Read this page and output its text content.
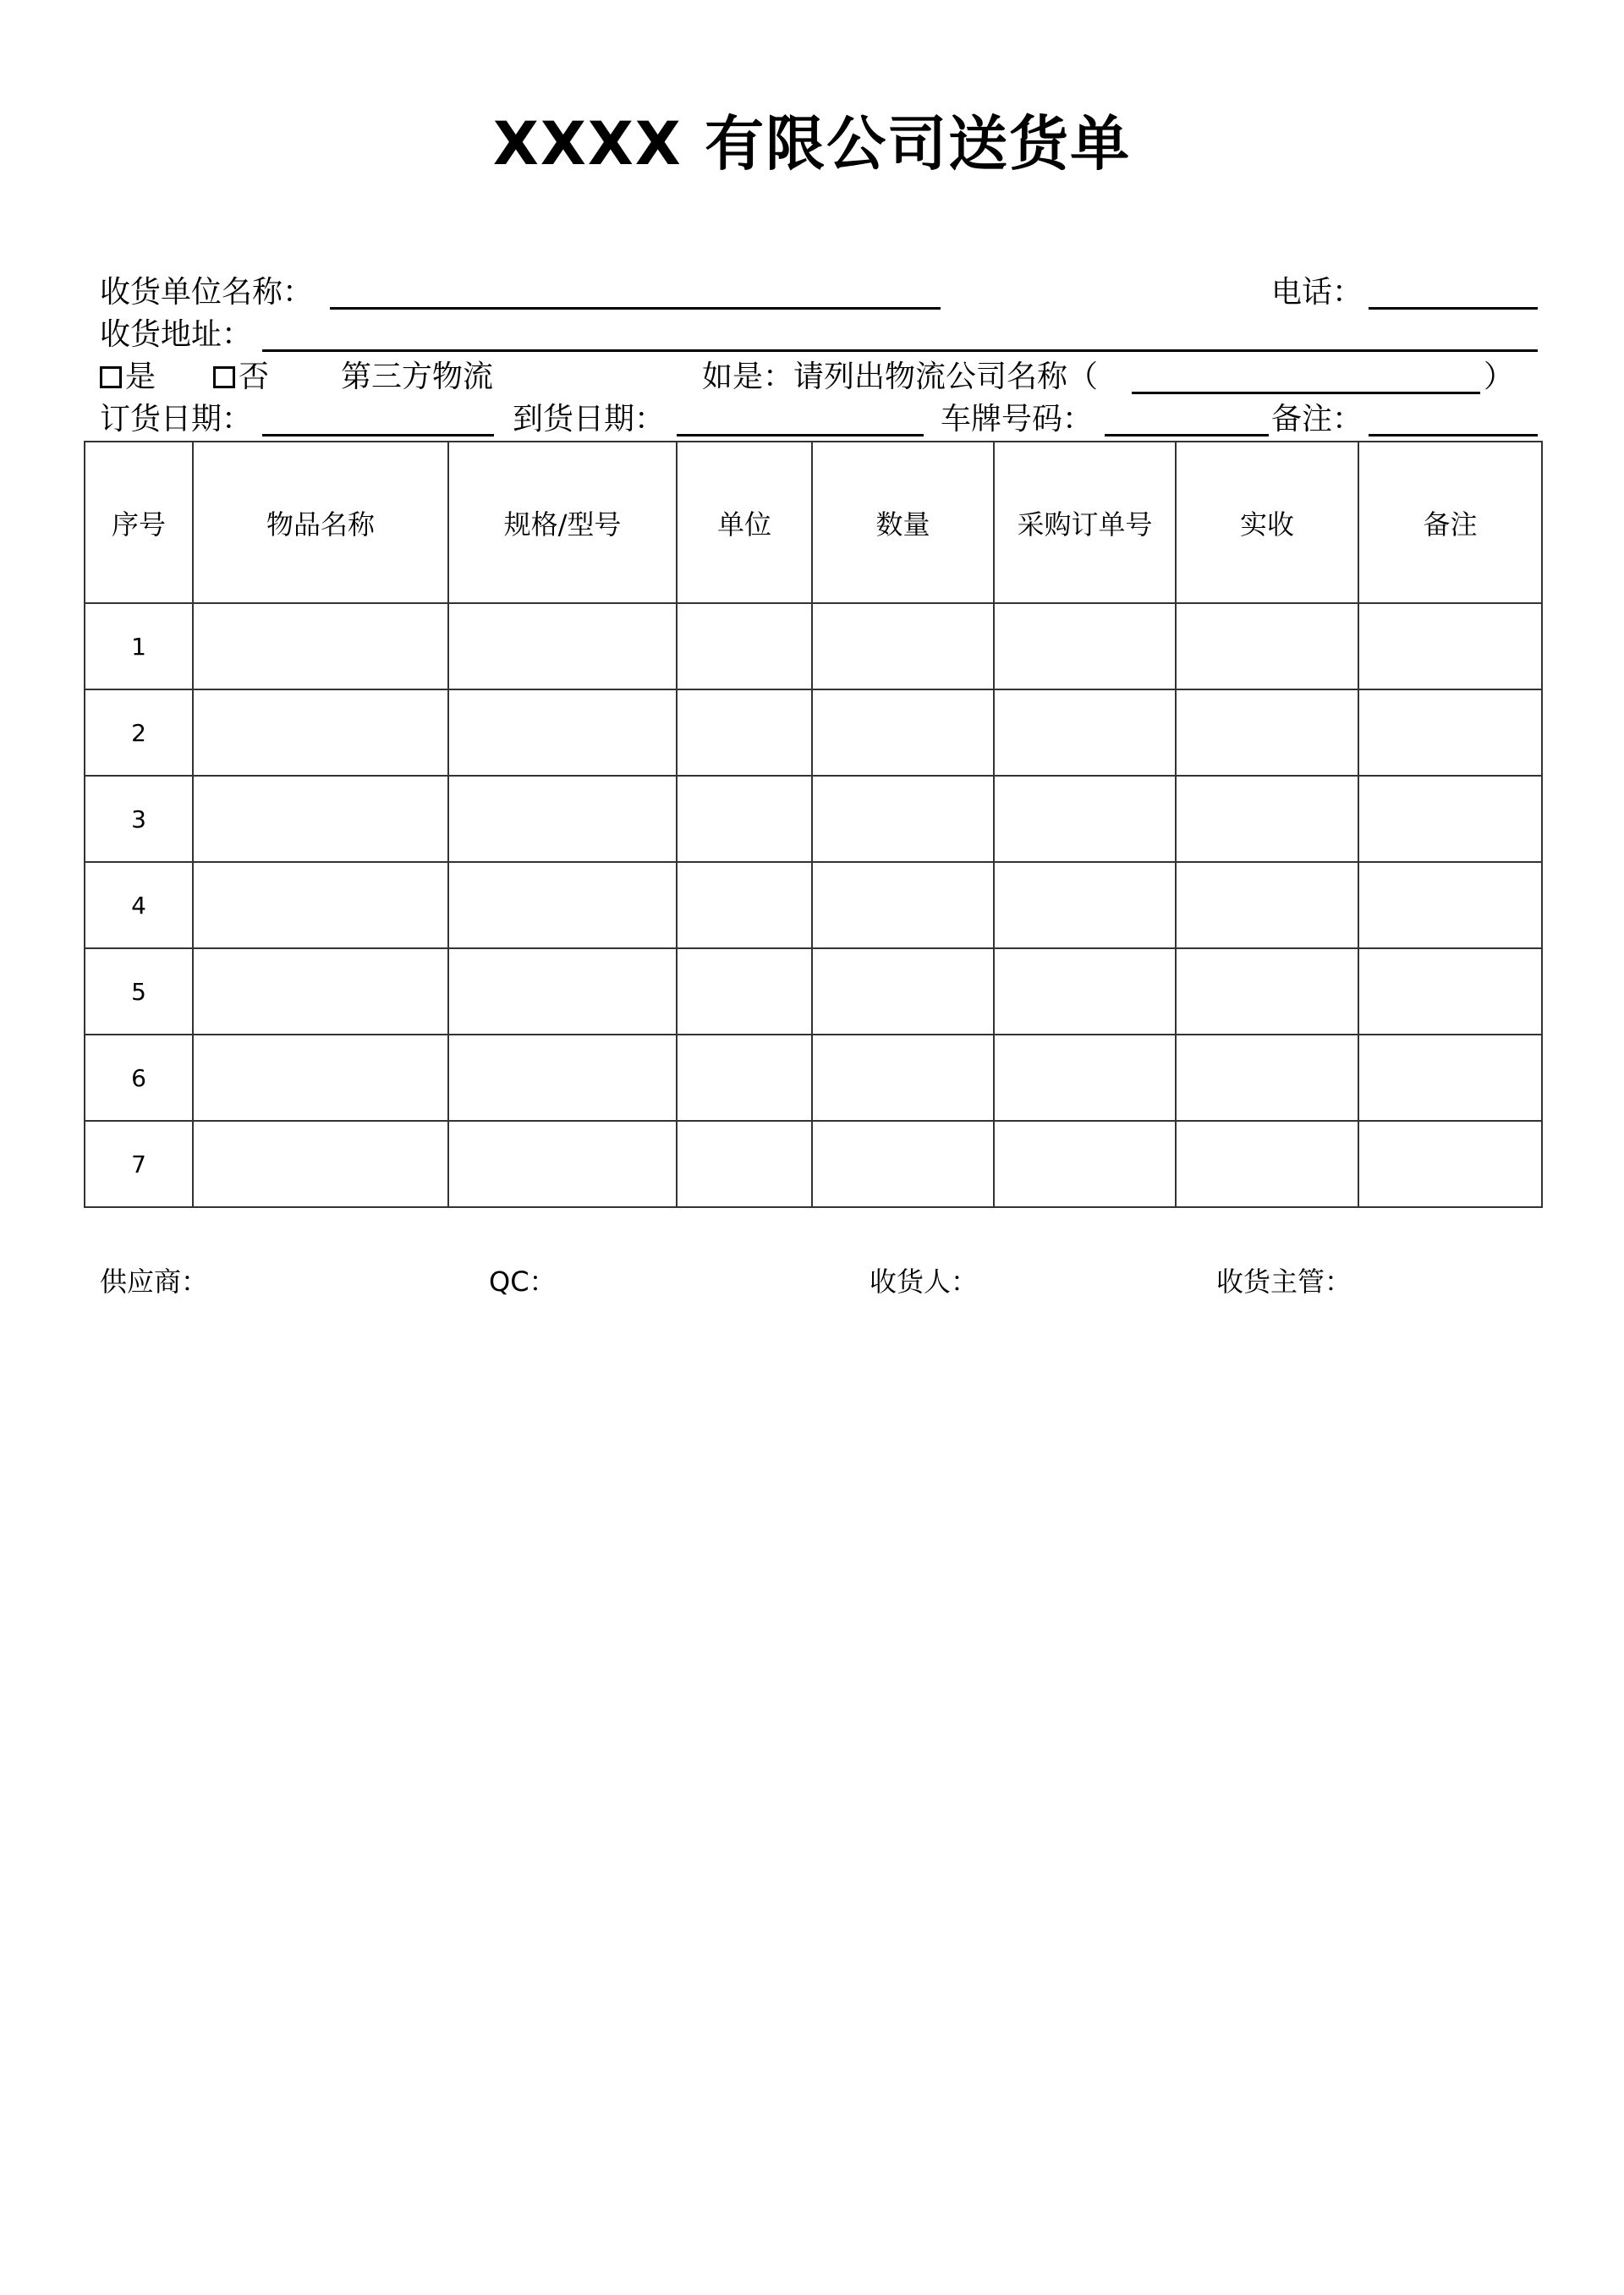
XXXX 有限公司送货单
收货单位名称：	电话：
收货地址：
是	否 第三方物流	如是：请列出物流公司名称（	）
订货日期：	到货日期：	车牌号码：	备注：
序号	物品名称	规格/型号	单位	数量	采购订单号	实收	备注
1							
2							
3							
4							
5							
6							
7							
供应商：	QC：	收货人：	收货主管：
